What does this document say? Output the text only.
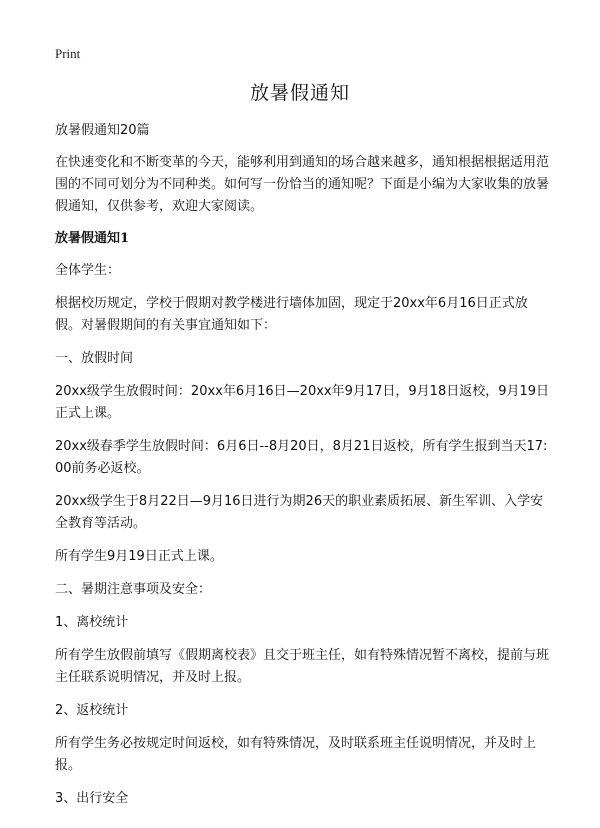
Print
放暑假通知

放暑假通知20篇

在快速变化和不断变革的今天，能够利用到通知的场合越来越多，通知根据根据适用范围的不同可划分为不同种类。如何写一份恰当的通知呢？下面是小编为大家收集的放暑假通知，仅供参考，欢迎大家阅读。

放暑假通知1

全体学生：

根据校历规定，学校于假期对教学楼进行墙体加固，现定于20xx年6月16日正式放假。对暑假期间的有关事宜通知如下：

一、放假时间

20xx级学生放假时间：20xx年6月16日—20xx年9月17日，9月18日返校，9月19日正式上课。

20xx级春季学生放假时间：6月6日--8月20日，8月21日返校，所有学生报到当天17:00前务必返校。

20xx级学生于8月22日—9月16日进行为期26天的职业素质拓展、新生军训、入学安全教育等活动。

所有学生9月19日正式上课。

二、暑期注意事项及安全：

1、离校统计

所有学生放假前填写《假期离校表》且交于班主任，如有特殊情况暂不离校，提前与班主任联系说明情况，并及时上报。

2、返校统计

所有学生务必按规定时间返校，如有特殊情况，及时联系班主任说明情况，并及时上报。

3、出行安全
